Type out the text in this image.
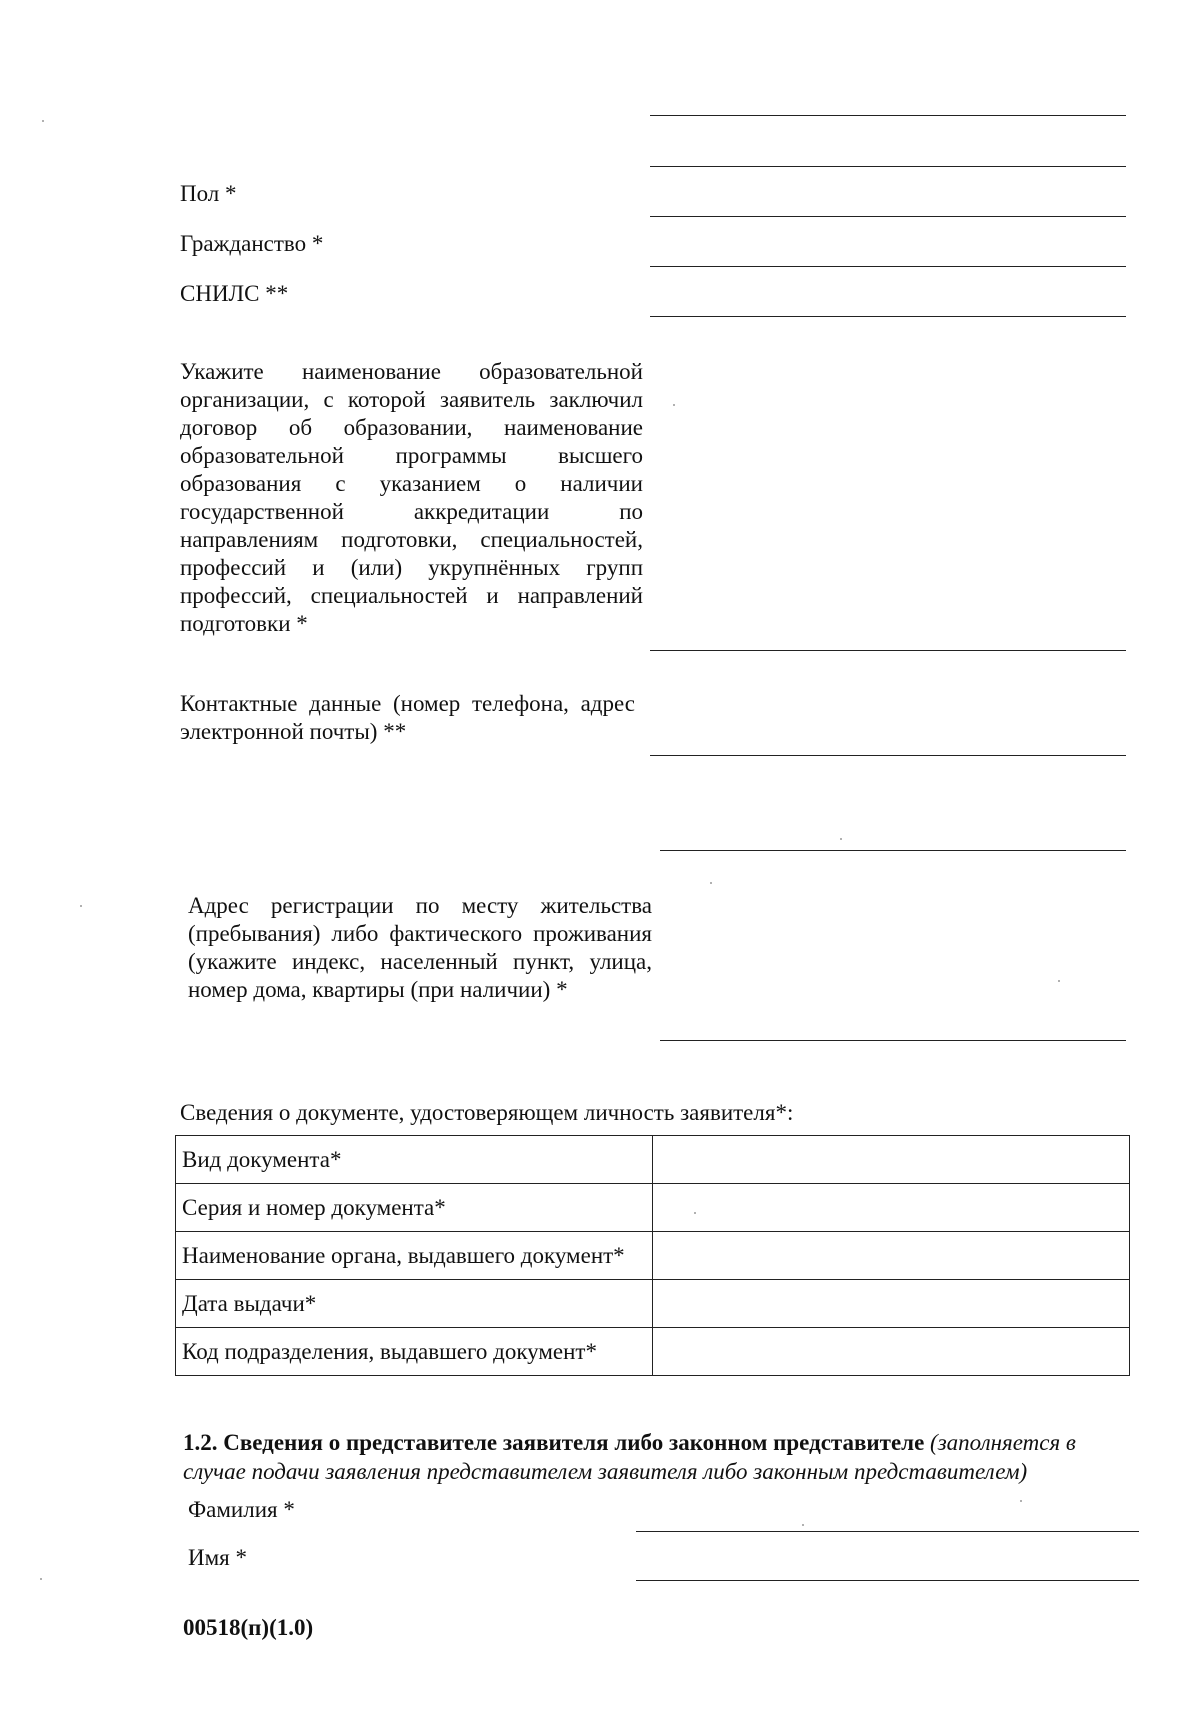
Пол *
Гражданство *
СНИЛС **
Укажите наименование образовательной организации, с которой заявитель заключил договор об образовании, наименование образовательной программы высшего образования с указанием о наличии государственной аккредитации по направлениям подготовки, специальностей, профессий и (или) укрупнённых групп профессий, специальностей и направлений подготовки *
Контактные данные (номер телефона, адрес электронной почты) **
Адрес регистрации по месту жительства (пребывания) либо фактического проживания (укажите индекс, населенный пункт, улица, номер дома, квартиры (при наличии) *
Сведения о документе, удостоверяющем личность заявителя*:
Вид документа*	
Серия и номер документа*	
Наименование органа, выдавшего документ*	
Дата выдачи*	
Код подразделения, выдавшего документ*	
1.2. Сведения о представителе заявителя либо законном представителе (заполняется в случае подачи заявления представителем заявителя либо законным представителем)
Фамилия *
Имя *
00518(п)(1.0)
